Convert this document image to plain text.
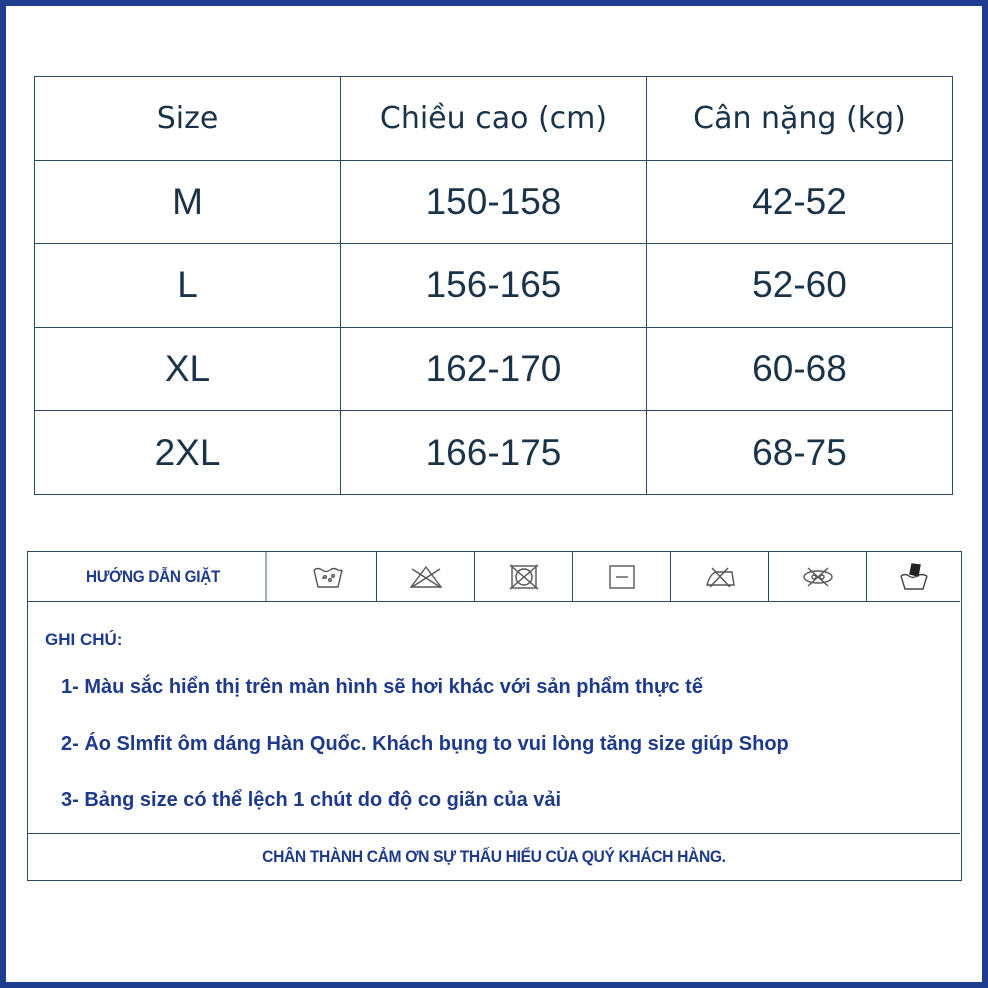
Size	Chiều cao (cm)	Cân nặng (kg)
M	150-158	42-52
L	156-165	52-60
XL	162-170	60-68
2XL	166-175	68-75
HƯỚNG DẪN GIẶT	°
GHI CHÚ:
1- Màu sắc hiển thị trên màn hình sẽ hơi khác với sản phẩm thực tế
2- Áo Slmfit ôm dáng Hàn Quốc. Khách bụng to vui lòng tăng size giúp Shop
3- Bảng size có thể lệch 1 chút do độ co giãn của vải
CHÂN THÀNH CẢM ƠN SỰ THẤU HIỂU CỦA QUÝ KHÁCH HÀNG.
